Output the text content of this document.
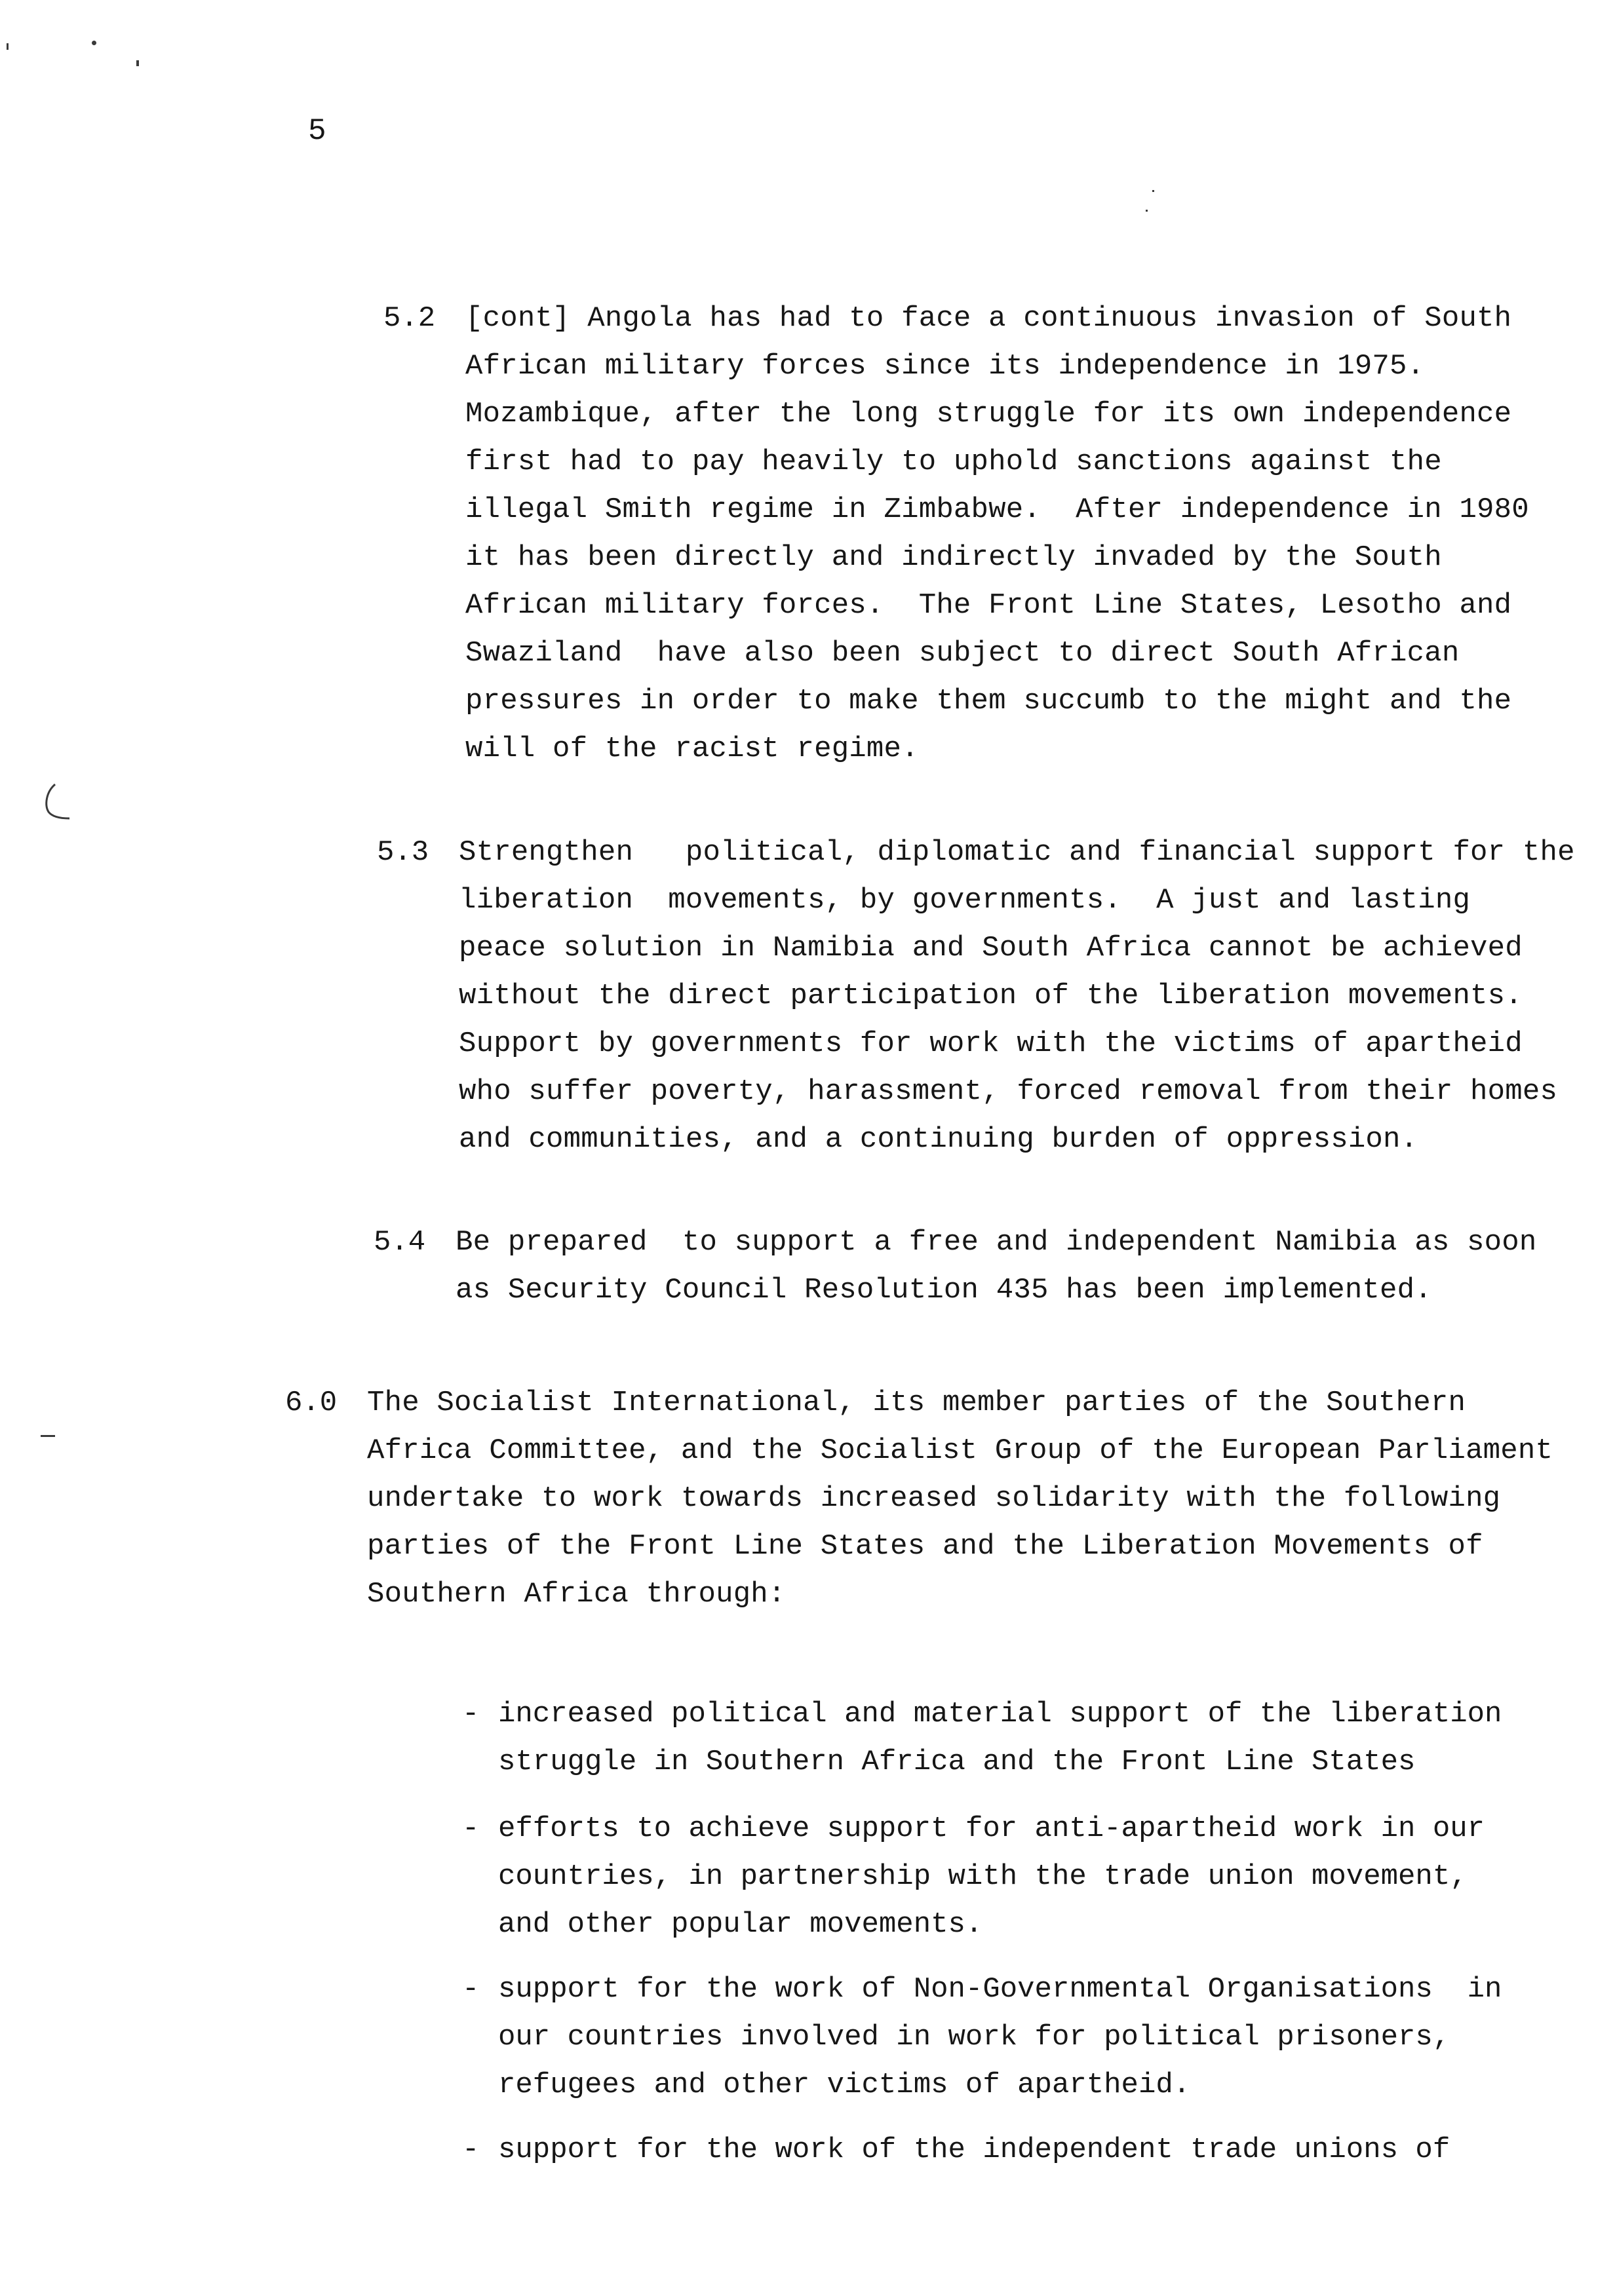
5
5.2 [cont] Angola has had to face a continuous invasion of South
African military forces since its independence in 1975.
Mozambique, after the long struggle for its own independence
first had to pay heavily to uphold sanctions against the
illegal Smith regime in Zimbabwe.  After independence in 1980
it has been directly and indirectly invaded by the South
African military forces.  The Front Line States, Lesotho and
Swaziland  have also been subject to direct South African
pressures in order to make them succumb to the might and the
will of the racist regime.
5.3 Strengthen   political, diplomatic and financial support for the
liberation  movements, by governments.  A just and lasting
peace solution in Namibia and South Africa cannot be achieved
without the direct participation of the liberation movements.
Support by governments for work with the victims of apartheid
who suffer poverty, harassment, forced removal from their homes
and communities, and a continuing burden of oppression.
5.4 Be prepared  to support a free and independent Namibia as soon
as Security Council Resolution 435 has been implemented.
6.0 The Socialist International, its member parties of the Southern
Africa Committee, and the Socialist Group of the European Parliament
undertake to work towards increased solidarity with the following
parties of the Front Line States and the Liberation Movements of
Southern Africa through:
- increased political and material support of the liberation
struggle in Southern Africa and the Front Line States
- efforts to achieve support for anti-apartheid work in our
countries, in partnership with the trade union movement,
and other popular movements.
- support for the work of Non-Governmental Organisations  in
our countries involved in work for political prisoners,
refugees and other victims of apartheid.
- support for the work of the independent trade unions of
